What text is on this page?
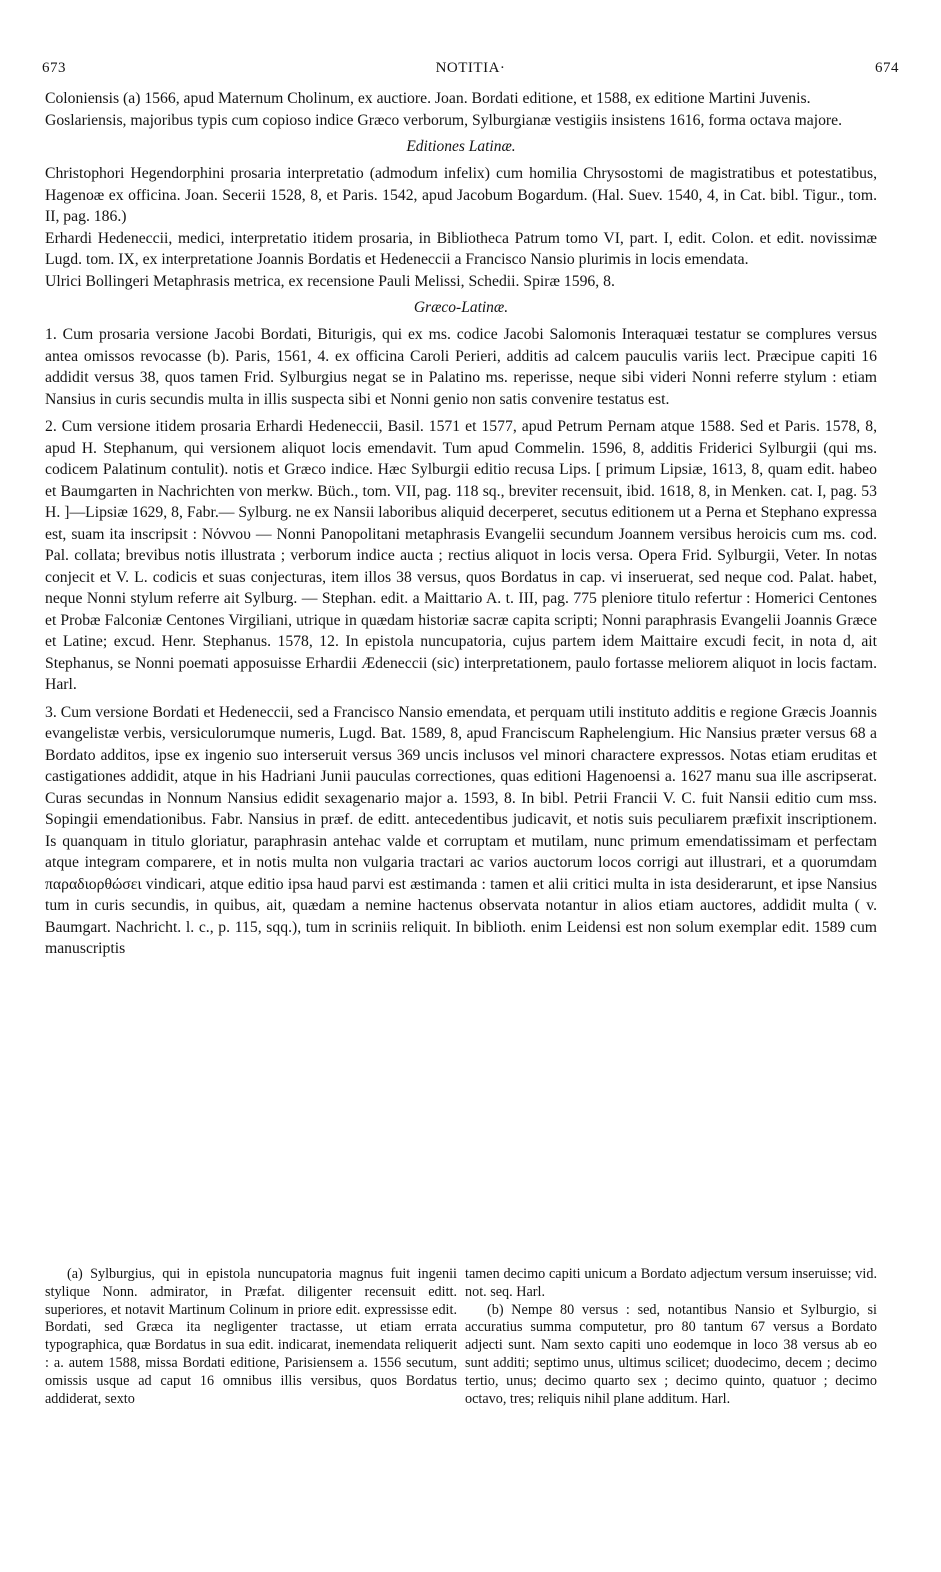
673	NOTITIA·	674

Coloniensis (a) 1566, apud Maternum Cholinum, ex auctiore. Joan. Bordati editione, et 1588, ex editione Martini Juvenis.

Goslariensis, majoribus typis cum copioso indice Græco verborum, Sylburgianæ vestigiis insistens 1616, forma octava majore.

Editiones Latinæ.

Christophori Hegendorphini prosaria interpretatio (admodum infelix) cum homilia Chrysostomi de magistratibus et potestatibus, Hagenoæ ex officina. Joan. Secerii 1528, 8, et Paris. 1542, apud Jacobum Bogardum. (Hal. Suev. 1540, 4, in Cat. bibl. Tigur., tom. II, pag. 186.)

Erhardi Hedeneccii, medici, interpretatio itidem prosaria, in Bibliotheca Patrum tomo VI, part. I, edit. Colon. et edit. novissimæ Lugd. tom. IX, ex interpretatione Joannis Bordatis et Hedeneccii a Francisco Nansio plurimis in locis emendata.

Ulrici Bollingeri Metaphrasis metrica, ex recensione Pauli Melissi, Schedii. Spiræ 1596, 8.

Græco-Latinæ.

1. Cum prosaria versione Jacobi Bordati, Biturigis, qui ex ms. codice Jacobi Salomonis Interaquæi testatur se complures versus antea omissos revocasse (b). Paris, 1561, 4. ex officina Caroli Perieri, additis ad calcem pauculis variis lect. Præcipue capiti 16 addidit versus 38, quos tamen Frid. Sylburgius negat se in Palatino ms. reperisse, neque sibi videri Nonni referre stylum : etiam Nansius in curis secundis multa in illis suspecta sibi et Nonni genio non satis convenire testatus est.

2. Cum versione itidem prosaria Erhardi Hedeneccii, Basil. 1571 et 1577, apud Petrum Pernam atque 1588. Sed et Paris. 1578, 8, apud H. Stephanum, qui versionem aliquot locis emendavit. Tum apud Commelin. 1596, 8, additis Friderici Sylburgii (qui ms. codicem Palatinum contulit). notis et Græco indice. Hæc Sylburgii editio recusa Lips. [ primum Lipsiæ, 1613, 8, quam edit. habeo et Baumgarten in Nachrichten von merkw. Büch., tom. VII, pag. 118 sq., breviter recensuit, ibid. 1618, 8, in Menken. cat. I, pag. 53 H. ]—Lipsiæ 1629, 8, Fabr.— Sylburg. ne ex Nansii laboribus aliquid decerperet, secutus editionem ut a Perna et Stephano expressa est, suam ita inscripsit : Νόννου — Nonni Panopolitani metaphrasis Evangelii secundum Joannem versibus heroicis cum ms. cod. Pal. collata; brevibus notis illustrata ; verborum indice aucta ; rectius aliquot in locis versa. Opera Frid. Sylburgii, Veter. In notas conjecit et V. L. codicis et suas conjecturas, item illos 38 versus, quos Bordatus in cap. vi inseruerat, sed neque cod. Palat. habet, neque Nonni stylum referre ait Sylburg. — Stephan. edit. a Maittario A. t. III, pag. 775 pleniore titulo refertur : Homerici Centones et Probæ Falconiæ Centones Virgiliani, utrique in quædam historiæ sacræ capita scripti; Nonni paraphrasis Evangelii Joannis Græce et Latine; excud. Henr. Stephanus. 1578, 12. In epistola nuncupatoria, cujus partem idem Maittaire excudi fecit, in nota d, ait Stephanus, se Nonni poemati apposuisse Erhardii Ædeneccii (sic) interpretationem, paulo fortasse meliorem aliquot in locis factam. Harl.

3. Cum versione Bordati et Hedeneccii, sed a Francisco Nansio emendata, et perquam utili instituto additis e regione Græcis Joannis evangelistæ verbis, versiculorumque numeris, Lugd. Bat. 1589, 8, apud Franciscum Raphelengium. Hic Nansius præter versus 68 a Bordato additos, ipse ex ingenio suo interseruit versus 369 uncis inclusos vel minori charactere expressos. Notas etiam eruditas et castigationes addidit, atque in his Hadriani Junii pauculas correctiones, quas editioni Hagenoensi a. 1627 manu sua ille ascripserat. Curas secundas in Nonnum Nansius edidit sexagenario major a. 1593, 8. In bibl. Petrii Francii V. C. fuit Nansii editio cum mss. Sopingii emendationibus. Fabr. Nansius in præf. de editt. antecedentibus judicavit, et notis suis peculiarem præfixit inscriptionem. Is quanquam in titulo gloriatur, paraphrasin antehac valde et corruptam et mutilam, nunc primum emendatissimam et perfectam atque integram comparere, et in notis multa non vulgaria tractari ac varios auctorum locos corrigi aut illustrari, et a quorumdam παραδιορθώσει vindicari, atque editio ipsa haud parvi est æstimanda : tamen et alii critici multa in ista desiderarunt, et ipse Nansius tum in curis secundis, in quibus, ait, quædam a nemine hactenus observata notantur in alios etiam auctores, addidit multa ( v. Baumgart. Nachricht. l. c., p. 115, sqq.), tum in scriniis reliquit. In biblioth. enim Leidensi est non solum exemplar edit. 1589 cum manuscriptis

(a) Sylburgius, qui in epistola nuncupatoria magnus fuit ingenii stylique Nonn. admirator, in Præfat. diligenter recensuit editt. superiores, et notavit Martinum Colinum in priore edit. expressisse edit. Bordati, sed Græca ita negligenter tractasse, ut etiam errata typographica, quæ Bordatus in sua edit. indicarat, inemendata reliquerit : a. autem 1588, missa Bordati editione, Parisiensem a. 1556 secutum, omissis usque ad caput 16 omnibus illis versibus, quos Bordatus addiderat, sexto

tamen decimo capiti unicum a Bordato adjectum versum inseruisse; vid. not. seq. Harl.

(b) Nempe 80 versus : sed, notantibus Nansio et Sylburgio, si accuratius summa computetur, pro 80 tantum 67 versus a Bordato adjecti sunt. Nam sexto capiti uno eodemque in loco 38 versus ab eo sunt additi; septimo unus, ultimus scilicet; duodecimo, decem ; decimo tertio, unus; decimo quarto sex ; decimo quinto, quatuor ; decimo octavo, tres; reliquis nihil plane additum. Harl.
